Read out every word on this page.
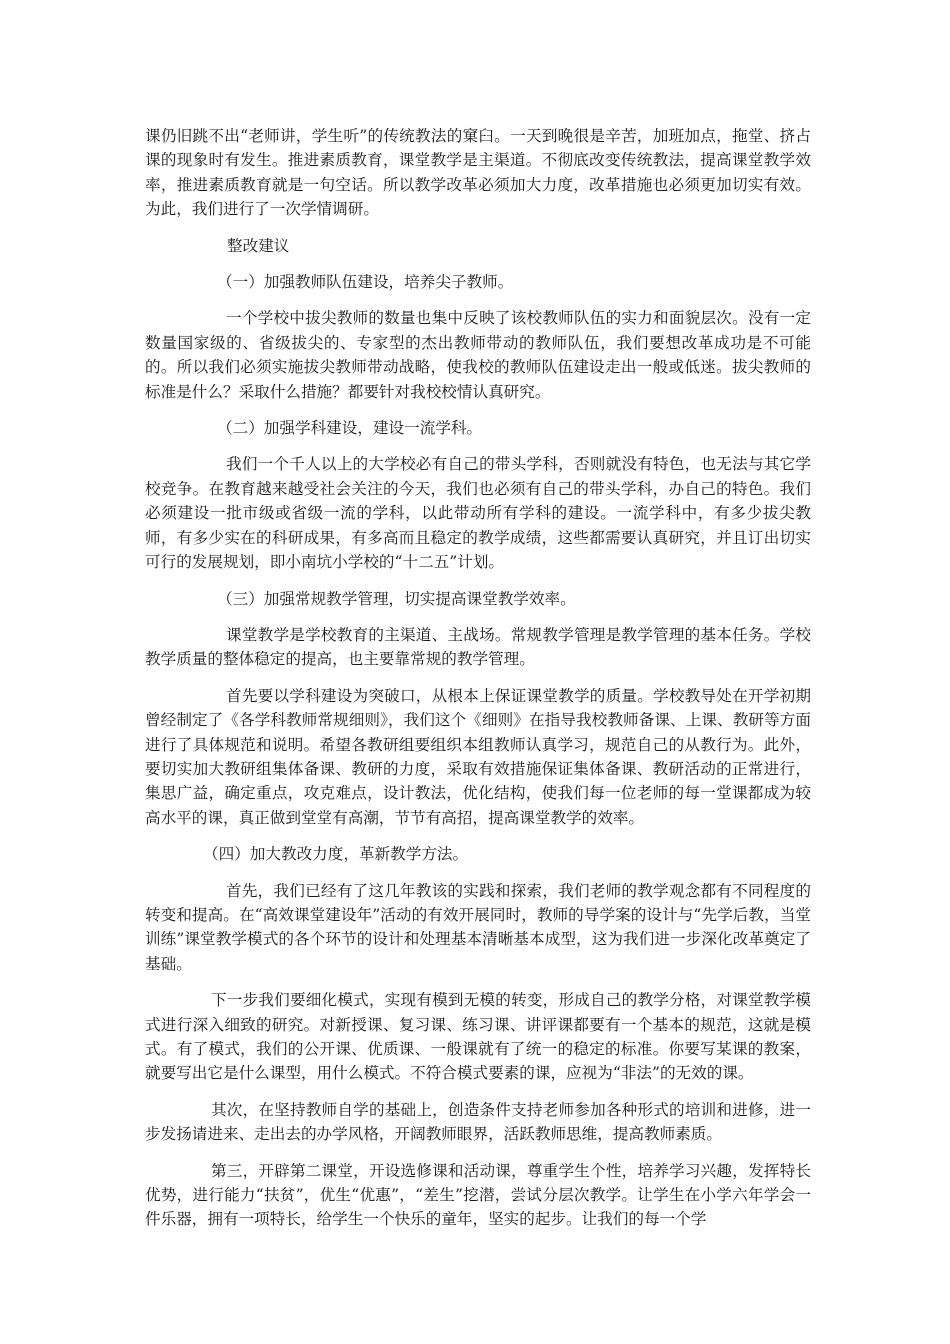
课仍旧跳不出“老师讲，学生听”的传统教法的窠臼。一天到晚很是辛苦，加班加点，拖堂、挤占课的现象时有发生。推进素质教育，课堂教学是主渠道。不彻底改变传统教法，提高课堂教学效率，推进素质教育就是一句空话。所以教学改革必须加大力度，改革措施也必须更加切实有效。为此，我们进行了一次学情调研。

整改建议

（一）加强教师队伍建设，培养尖子教师。

一个学校中拔尖教师的数量也集中反映了该校教师队伍的实力和面貌层次。没有一定数量国家级的、省级拔尖的、专家型的杰出教师带动的教师队伍，我们要想改革成功是不可能的。所以我们必须实施拔尖教师带动战略，使我校的教师队伍建设走出一般或低迷。拔尖教师的标准是什么？采取什么措施？都要针对我校校情认真研究。

（二）加强学科建设，建设一流学科。

我们一个千人以上的大学校必有自己的带头学科，否则就没有特色，也无法与其它学校竞争。在教育越来越受社会关注的今天，我们也必须有自己的带头学科，办自己的特色。我们必须建设一批市级或省级一流的学科，以此带动所有学科的建设。一流学科中，有多少拔尖教师，有多少实在的科研成果，有多高而且稳定的教学成绩，这些都需要认真研究，并且订出切实可行的发展规划，即小南坑小学校的“十二五”计划。

（三）加强常规教学管理，切实提高课堂教学效率。

课堂教学是学校教育的主渠道、主战场。常规教学管理是教学管理的基本任务。学校教学质量的整体稳定的提高，也主要靠常规的教学管理。

首先要以学科建设为突破口，从根本上保证课堂教学的质量。学校教导处在开学初期曾经制定了《各学科教师常规细则》，我们这个《细则》在指导我校教师备课、上课、教研等方面进行了具体规范和说明。希望各教研组要组织本组教师认真学习，规范自己的从教行为。此外，要切实加大教研组集体备课、教研的力度，采取有效措施保证集体备课、教研活动的正常进行，集思广益，确定重点，攻克难点，设计教法，优化结构，使我们每一位老师的每一堂课都成为较高水平的课，真正做到堂堂有高潮，节节有高招，提高课堂教学的效率。

（四）加大教改力度，革新教学方法。

首先，我们已经有了这几年教该的实践和探索，我们老师的教学观念都有不同程度的转变和提高。在“高效课堂建设年”活动的有效开展同时，教师的导学案的设计与“先学后教，当堂训练”课堂教学模式的各个环节的设计和处理基本清晰基本成型，这为我们进一步深化改革奠定了基础。

下一步我们要细化模式，实现有模到无模的转变，形成自己的教学分格，对课堂教学模式进行深入细致的研究。对新授课、复习课、练习课、讲评课都要有一个基本的规范，这就是模式。有了模式，我们的公开课、优质课、一般课就有了统一的稳定的标准。你要写某课的教案，就要写出它是什么课型，用什么模式。不符合模式要素的课，应视为“非法”的无效的课。

其次，在坚持教师自学的基础上，创造条件支持老师参加各种形式的培训和进修，进一步发扬请进来、走出去的办学风格，开阔教师眼界，活跃教师思维，提高教师素质。

第三，开辟第二课堂，开设选修课和活动课，尊重学生个性，培养学习兴趣，发挥特长优势，进行能力“扶贫”，优生“优惠”，“差生”挖潜，尝试分层次教学。让学生在小学六年学会一件乐器，拥有一项特长，给学生一个快乐的童年，坚实的起步。让我们的每一个学
